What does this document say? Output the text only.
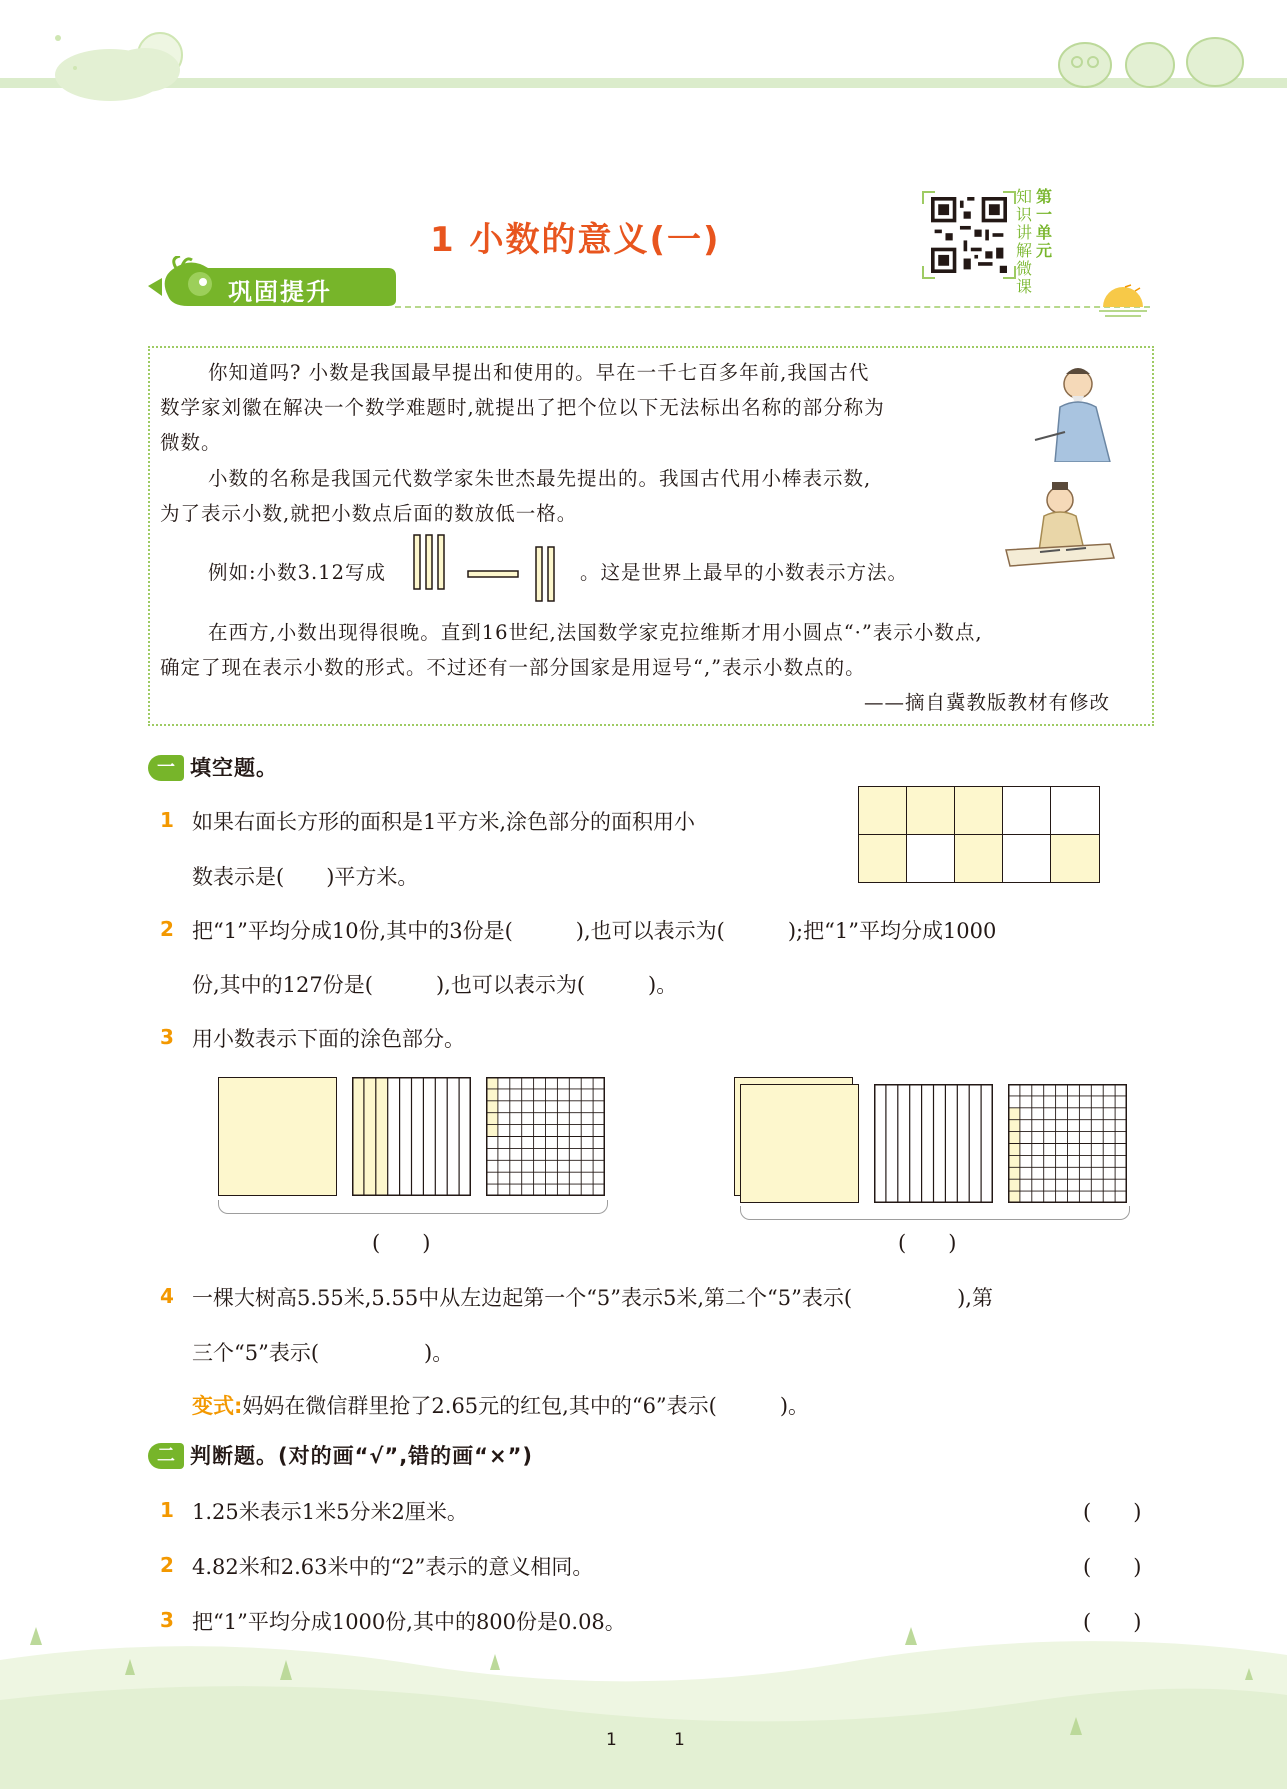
1 小数的意义(一)
知
识
讲
解
微
课
第
一
单
元
巩固提升
你知道吗? 小数是我国最早提出和使用的。早在一千七百多年前,我国古代
数学家刘徽在解决一个数学难题时,就提出了把个位以下无法标出名称的部分称为
微数。
小数的名称是我国元代数学家朱世杰最先提出的。我国古代用小棒表示数,
为了表示小数,就把小数点后面的数放低一格。
例如:小数3.12写成	。这是世界上最早的小数表示方法。
在西方,小数出现得很晚。直到16世纪,法国数学家克拉维斯才用小圆点“·”表示小数点,
确定了现在表示小数的形式。不过还有一部分国家是用逗号“,”表示小数点的。
——摘自冀教版教材有修改
一 填空题。
1 如果右面长方形的面积是1平方米,涂色部分的面积用小
数表示是(　　)平方米。
2 把“1”平均分成10份,其中的3份是(　　　),也可以表示为(　　　);把“1”平均分成1000
份,其中的127份是(　　　),也可以表示为(　　　)。
3 用小数表示下面的涂色部分。
(　　)	(　　)
4 一棵大树高5.55米,5.55中从左边起第一个“5”表示5米,第二个“5”表示(　　　　　),第
三个“5”表示(　　　　　)。
变式:妈妈在微信群里抢了2.65元的红包,其中的“6”表示(　　　)。
二 判断题。(对的画“√”,错的画“×”)
1 1.25米表示1米5分米2厘米。	(　　)
2 4.82米和2.63米中的“2”表示的意义相同。	(　　)
3 把“1”平均分成1000份,其中的800份是0.08。	(　　)
1	1
